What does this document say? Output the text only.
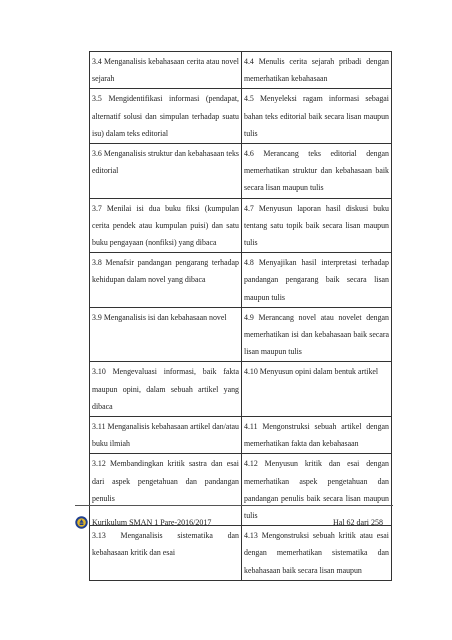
3.4 Menganalisis kebahasaan cerita atau novel sejarah	4.4 Menulis cerita sejarah pribadi dengan memerhatikan kebahasaan
3.5 Mengidentifikasi informasi (pendapat, alternatif solusi dan simpulan terhadap suatu isu) dalam teks editorial	4.5 Menyeleksi ragam informasi sebagai bahan teks editorial baik secara lisan maupun tulis
3.6 Menganalisis struktur dan kebahasaan teks editorial	4.6 Merancang teks editorial dengan memerhatikan struktur dan kebahasaan baik secara lisan maupun tulis
3.7 Menilai isi dua buku fiksi (kumpulan cerita pendek atau kumpulan puisi) dan satu buku pengayaan (nonfiksi) yang dibaca	4.7 Menyusun laporan hasil diskusi buku tentang satu topik baik secara lisan maupun tulis
3.8 Menafsir pandangan pengarang terhadap kehidupan dalam novel yang dibaca	4.8 Menyajikan hasil interpretasi terhadap pandangan pengarang baik secara lisan maupun tulis
3.9 Menganalisis isi dan kebahasaan novel	4.9 Merancang novel atau novelet dengan memerhatikan isi dan kebahasaan baik secara lisan maupun tulis
3.10 Mengevaluasi informasi, baik fakta maupun opini, dalam sebuah artikel yang dibaca	4.10 Menyusun opini dalam bentuk artikel
3.11 Menganalisis kebahasaan artikel dan/atau buku ilmiah	4.11 Mengonstruksi sebuah artikel dengan memerhatikan fakta dan kebahasaan
3.12 Membandingkan kritik sastra dan esai dari aspek pengetahuan dan pandangan penulis	4.12 Menyusun kritik dan esai dengan memerhatikan aspek pengetahuan dan pandangan penulis baik secara lisan maupun tulis
3.13 Menganalisis sistematika dan kebahasaan kritik dan esai	4.13 Mengonstruksi sebuah kritik atau esai dengan memerhatikan sistematika dan kebahasaan baik secara lisan maupun
Kurikulum SMAN 1 Pare-2016/2017	Hal 62 dari 258
